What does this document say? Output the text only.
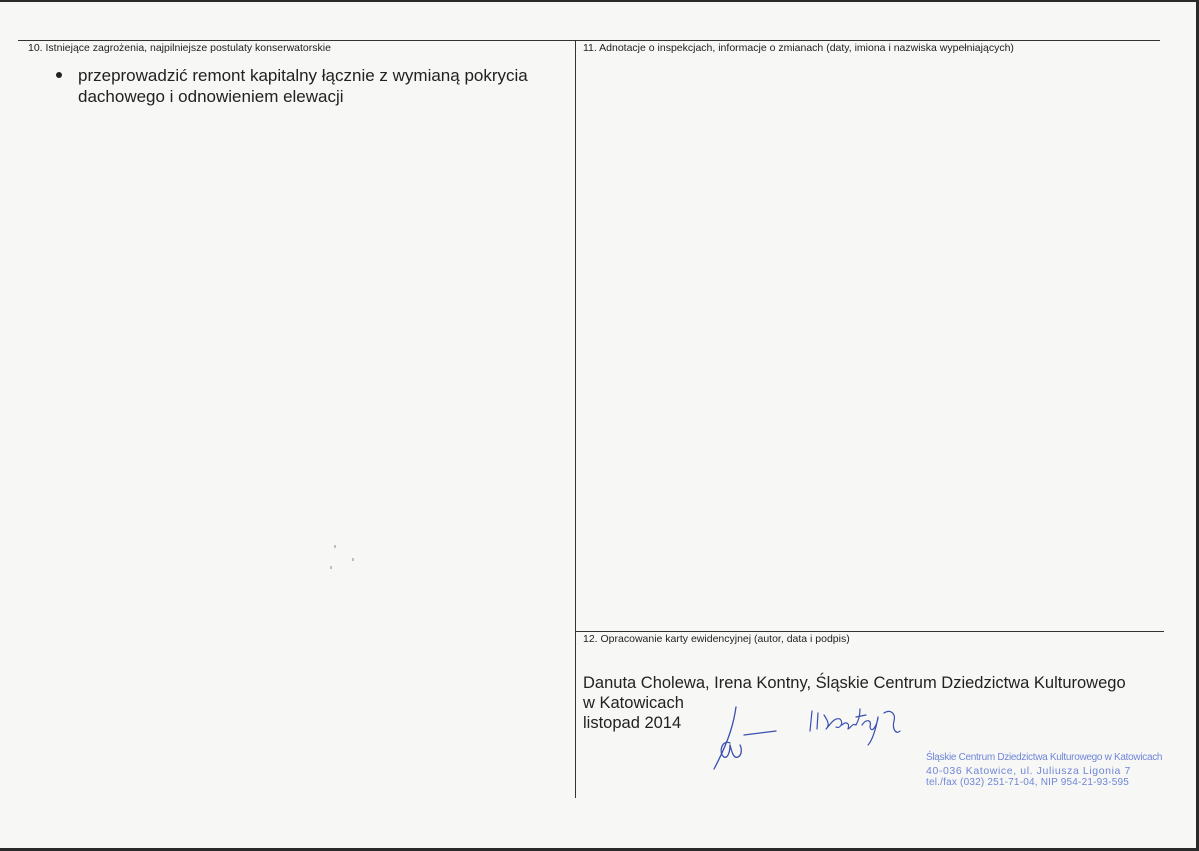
10. Istniejące zagrożenia, najpilniejsze postulaty konserwatorskie
przeprowadzić remont kapitalny łącznie z wymianą pokrycia
dachowego i odnowieniem elewacji
11. Adnotacje o inspekcjach, informacje o zmianach (daty, imiona i nazwiska wypełniających)
12. Opracowanie karty ewidencyjnej (autor, data i podpis)
Danuta Cholewa, Irena Kontny, Śląskie Centrum Dziedzictwa Kulturowego
w Katowicach
listopad 2014
Śląskie Centrum Dziedzictwa Kulturowego w Katowicach
40-036 Katowice, ul. Juliusza Ligonia 7
tel./fax (032) 251-71-04, NIP 954-21-93-595
